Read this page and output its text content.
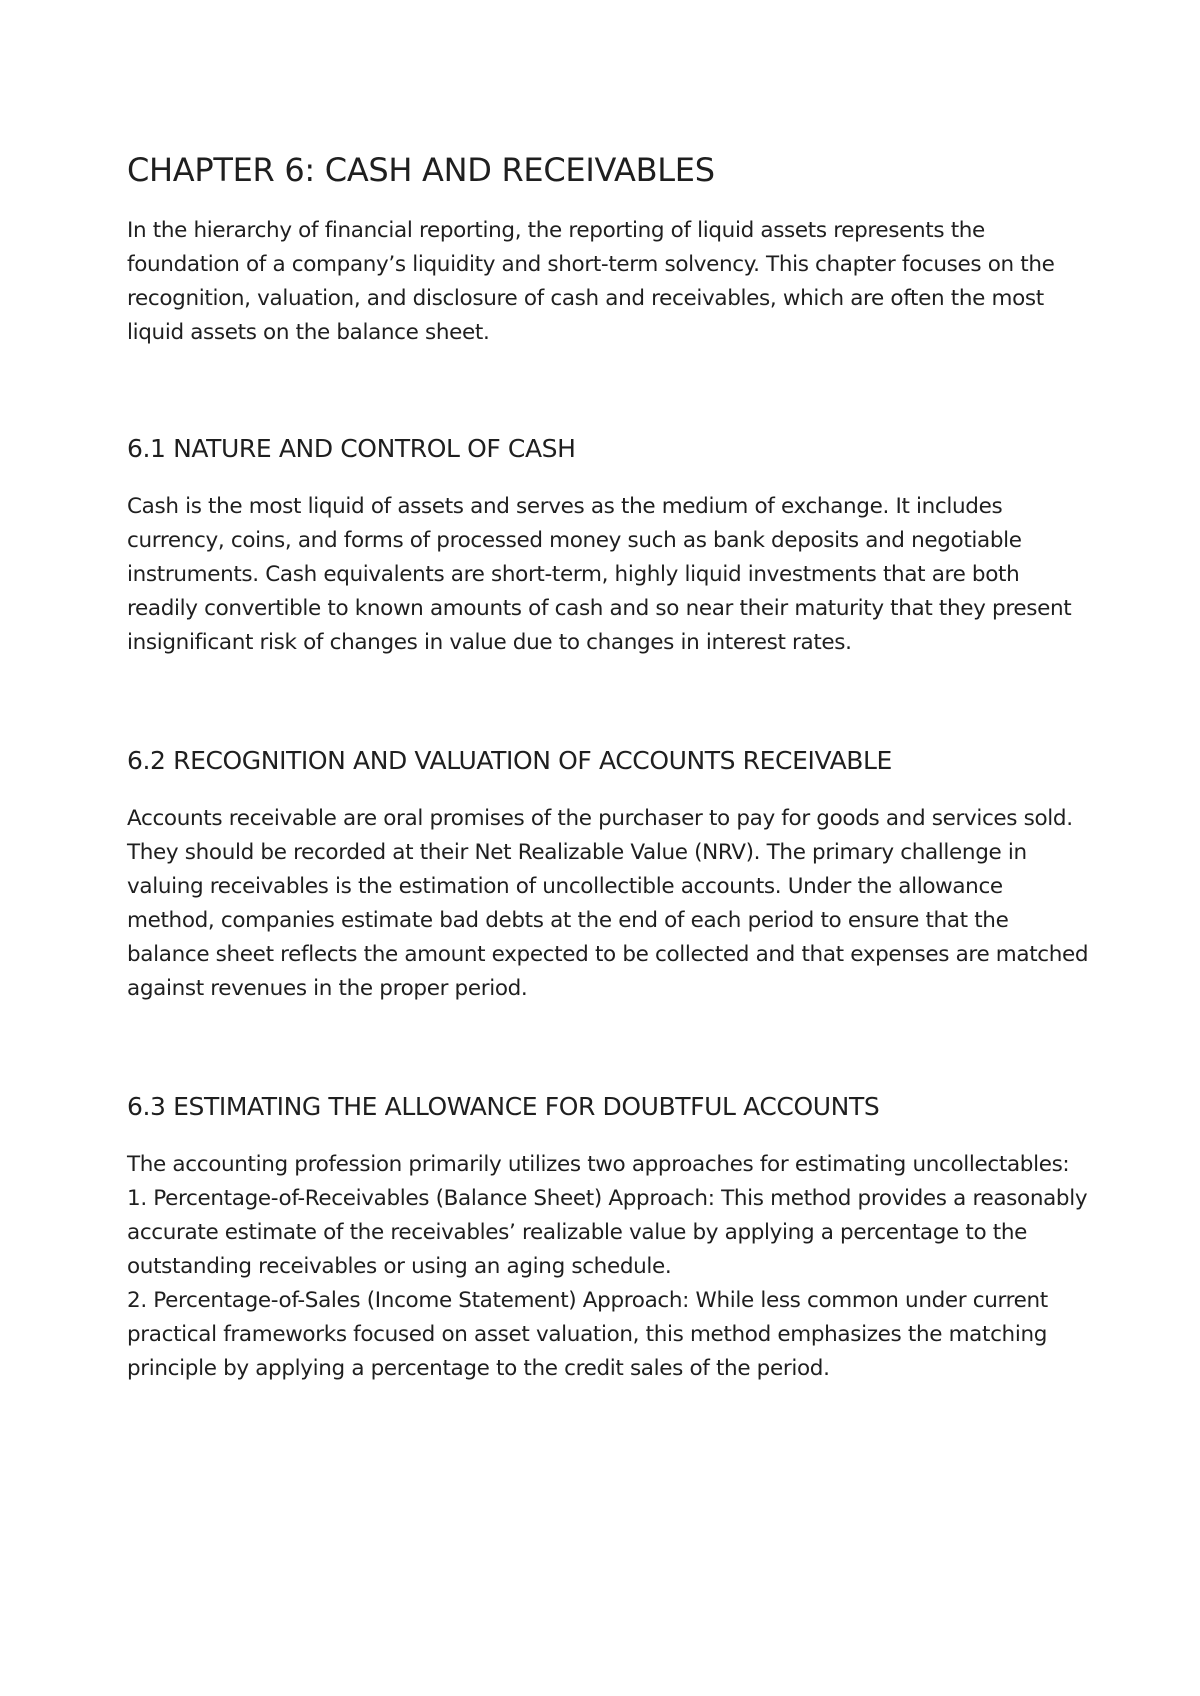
CHAPTER 6: CASH AND RECEIVABLES

In the hierarchy of financial reporting, the reporting of liquid assets represents the foundation of a company’s liquidity and short-term solvency. This chapter focuses on the recognition, valuation, and disclosure of cash and receivables, which are often the most liquid assets on the balance sheet.

6.1 NATURE AND CONTROL OF CASH

Cash is the most liquid of assets and serves as the medium of exchange. It includes currency, coins, and forms of processed money such as bank deposits and negotiable instruments. Cash equivalents are short-term, highly liquid investments that are both readily convertible to known amounts of cash and so near their maturity that they present insignificant risk of changes in value due to changes in interest rates.

6.2 RECOGNITION AND VALUATION OF ACCOUNTS RECEIVABLE

Accounts receivable are oral promises of the purchaser to pay for goods and services sold. They should be recorded at their Net Realizable Value (NRV). The primary challenge in valuing receivables is the estimation of uncollectible accounts. Under the allowance method, companies estimate bad debts at the end of each period to ensure that the balance sheet reflects the amount expected to be collected and that expenses are matched against revenues in the proper period.

6.3 ESTIMATING THE ALLOWANCE FOR DOUBTFUL ACCOUNTS
The accounting profession primarily utilizes two approaches for estimating uncollectables:
1. Percentage-of-Receivables (Balance Sheet) Approach: This method provides a reasonably accurate estimate of the receivables’ realizable value by applying a percentage to the outstanding receivables or using an aging schedule.
2. Percentage-of-Sales (Income Statement) Approach: While less common under current practical frameworks focused on asset valuation, this method emphasizes the matching principle by applying a percentage to the credit sales of the period.
